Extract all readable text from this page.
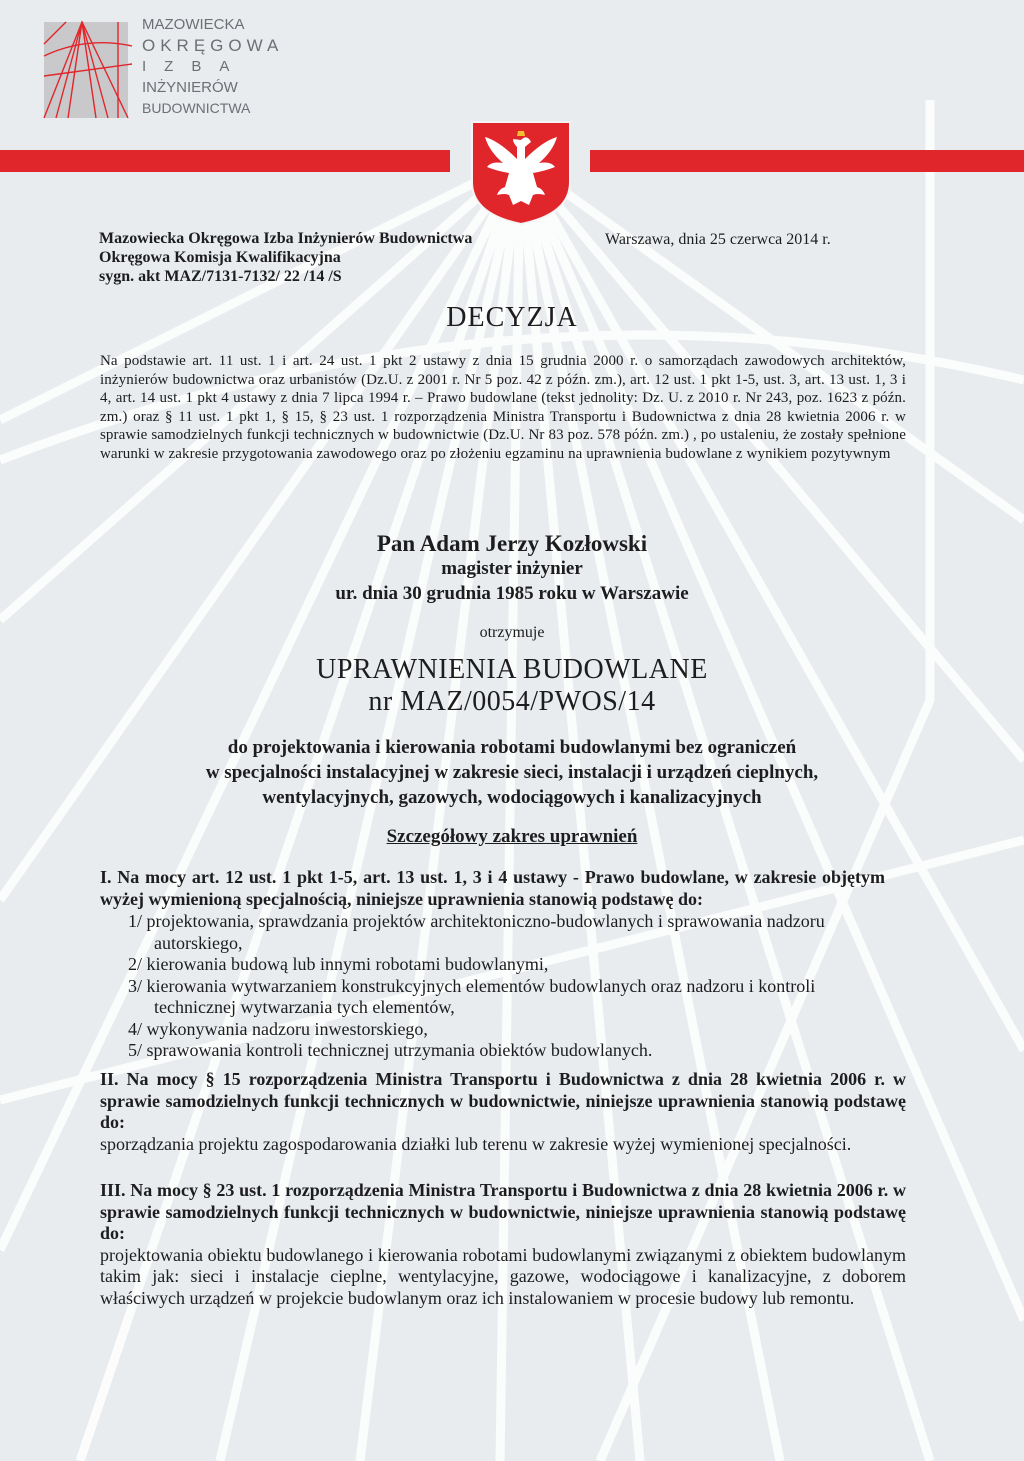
MAZOWIECKA
OKRĘGOWA
IZBA
INŻYNIERÓW
BUDOWNICTWA
Mazowiecka Okręgowa Izba Inżynierów Budownictwa
Okręgowa Komisja Kwalifikacyjna
sygn. akt MAZ/7131-7132/ 22 /14 /S
Warszawa, dnia 25 czerwca 2014 r.
DECYZJA
Na podstawie art. 11 ust. 1 i art. 24 ust. 1 pkt 2 ustawy z dnia 15 grudnia 2000 r. o samorządach zawodowych architektów, inżynierów budownictwa oraz urbanistów (Dz.U. z 2001 r. Nr 5 poz. 42 z późn. zm.), art. 12 ust. 1 pkt 1-5, ust. 3, art. 13 ust. 1, 3 i 4, art. 14 ust. 1 pkt 4 ustawy z dnia 7 lipca 1994 r. – Prawo budowlane (tekst jednolity: Dz. U. z 2010 r. Nr 243, poz. 1623 z późn. zm.) oraz § 11 ust. 1 pkt 1, § 15, § 23 ust. 1 rozporządzenia Ministra Transportu i Budownictwa z dnia 28 kwietnia 2006 r. w sprawie samodzielnych funkcji technicznych w budownictwie (Dz.U. Nr 83 poz. 578 późn. zm.) , po ustaleniu, że zostały spełnione warunki w zakresie przygotowania zawodowego oraz po złożeniu egzaminu na uprawnienia budowlane z wynikiem pozytywnym
Pan Adam Jerzy Kozłowski
magister inżynier
ur. dnia 30 grudnia 1985 roku w Warszawie
otrzymuje
UPRAWNIENIA BUDOWLANE
nr MAZ/0054/PWOS/14
do projektowania i kierowania robotami budowlanymi bez ograniczeń
w specjalności instalacyjnej w zakresie sieci, instalacji i urządzeń cieplnych,
wentylacyjnych, gazowych, wodociągowych i kanalizacyjnych
Szczegółowy zakres uprawnień
I. Na mocy art. 12 ust. 1 pkt 1-5, art. 13 ust. 1, 3 i 4 ustawy - Prawo budowlane, w zakresie objętym wyżej wymienioną specjalnością, niniejsze uprawnienia stanowią podstawę do:
1/ projektowania, sprawdzania projektów architektoniczno-budowlanych i sprawowania nadzoru autorskiego,
2/ kierowania budową lub innymi robotami budowlanymi,
3/ kierowania wytwarzaniem konstrukcyjnych elementów budowlanych oraz nadzoru i kontroli technicznej wytwarzania tych elementów,
4/ wykonywania nadzoru inwestorskiego,
5/ sprawowania kontroli technicznej utrzymania obiektów budowlanych.
II. Na mocy § 15 rozporządzenia Ministra Transportu i Budownictwa z dnia 28 kwietnia 2006 r. w sprawie samodzielnych funkcji technicznych w budownictwie, niniejsze uprawnienia stanowią podstawę do:
sporządzania projektu zagospodarowania działki lub terenu w zakresie wyżej wymienionej specjalności.
III. Na mocy § 23 ust. 1 rozporządzenia Ministra Transportu i Budownictwa z dnia 28 kwietnia 2006 r. w sprawie samodzielnych funkcji technicznych w budownictwie, niniejsze uprawnienia stanowią podstawę do:
projektowania obiektu budowlanego i kierowania robotami budowlanymi związanymi z obiektem budowlanym takim jak: sieci i instalacje cieplne, wentylacyjne, gazowe, wodociągowe i kanalizacyjne, z doborem właściwych urządzeń w projekcie budowlanym oraz ich instalowaniem w procesie budowy lub remontu.
